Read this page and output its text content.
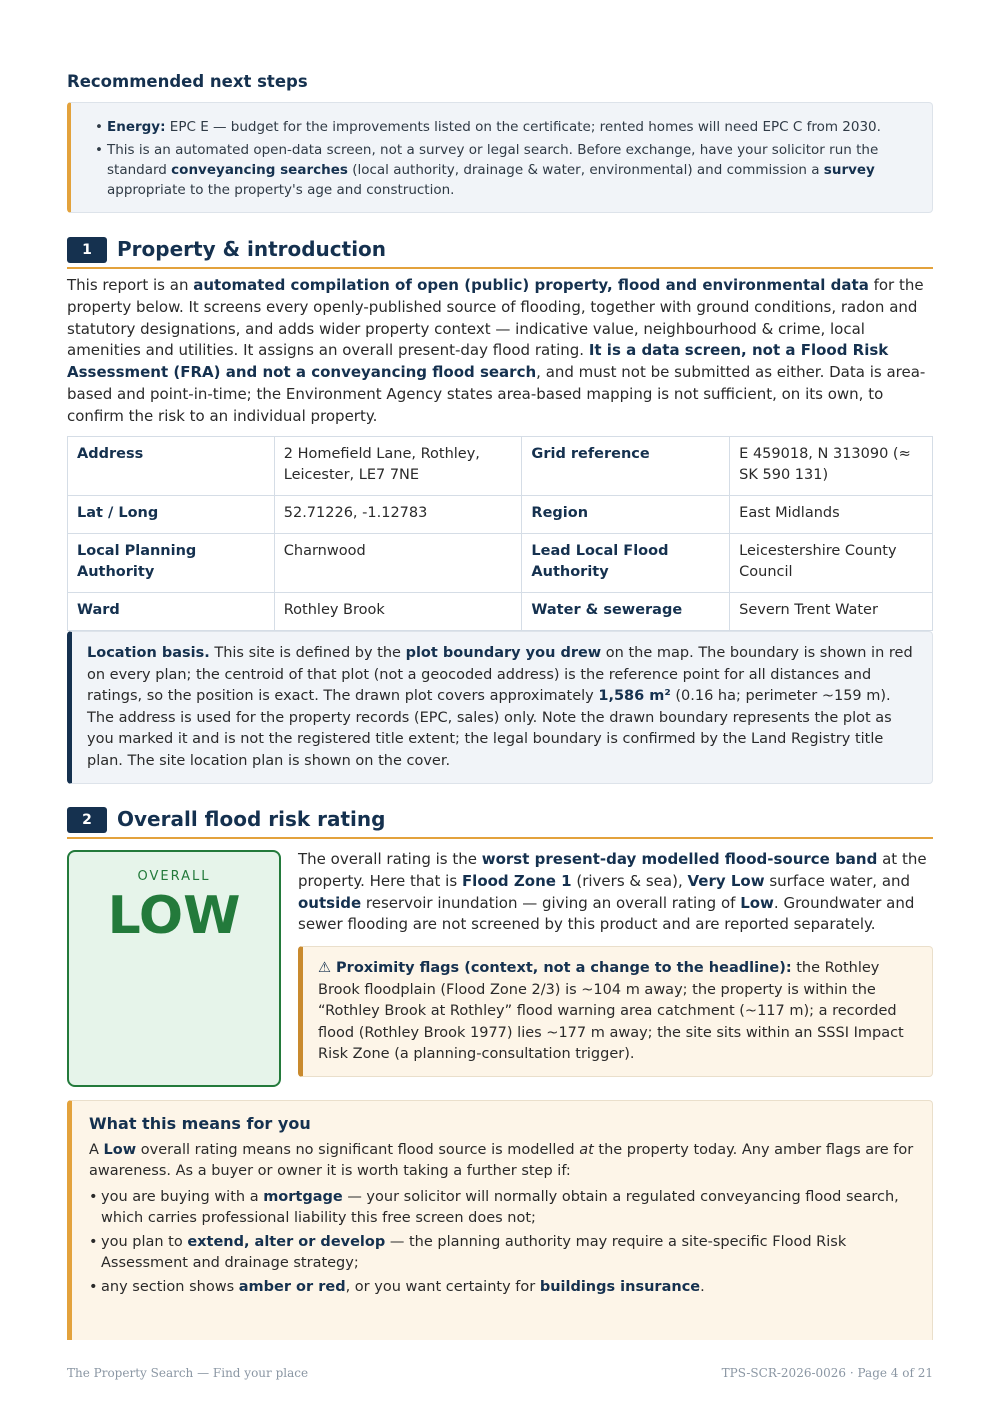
Recommended next steps
• Energy: EPC E — budget for the improvements listed on the certificate; rented homes will need EPC C from 2030.
• This is an automated open-data screen, not a survey or legal search. Before exchange, have your solicitor run the standard conveyancing searches (local authority, drainage & water, environmental) and commission a survey appropriate to the property's age and construction.
1	Property & introduction

This report is an automated compilation of open (public) property, flood and environmental data for the property below. It screens every openly-published source of flooding, together with ground conditions, radon and statutory designations, and adds wider property context — indicative value, neighbourhood & crime, local amenities and utilities. It assigns an overall present-day flood rating. It is a data screen, not a Flood Risk Assessment (FRA) and not a conveyancing flood search, and must not be submitted as either. Data is area-based and point-in-time; the Environment Agency states area-based mapping is not sufficient, on its own, to confirm the risk to an individual property.

Address	2 Homefield Lane, Rothley, Leicester, LE7 7NE	Grid reference	E 459018, N 313090 (≈ SK 590 131)
Lat / Long	52.71226, -1.12783	Region	East Midlands
Local Planning Authority	Charnwood	Lead Local Flood Authority	Leicestershire County Council
Ward	Rothley Brook	Water & sewerage	Severn Trent Water
Location basis. This site is defined by the plot boundary you drew on the map. The boundary is shown in red on every plan; the centroid of that plot (not a geocoded address) is the reference point for all distances and ratings, so the position is exact. The drawn plot covers approximately 1,586 m² (0.16 ha; perimeter ~159 m). The address is used for the property records (EPC, sales) only. Note the drawn boundary represents the plot as you marked it and is not the registered title extent; the legal boundary is confirmed by the Land Registry title plan. The site location plan is shown on the cover.
2	Overall flood risk rating
OVERALL
LOW

The overall rating is the worst present-day modelled flood-source band at the property. Here that is Flood Zone 1 (rivers & sea), Very Low surface water, and outside reservoir inundation — giving an overall rating of Low. Groundwater and sewer flooding are not screened by this product and are reported separately.

⚠ Proximity flags (context, not a change to the headline): the Rothley Brook floodplain (Flood Zone 2/3) is ~104 m away; the property is within the “Rothley Brook at Rothley” flood warning area catchment (~117 m); a recorded flood (Rothley Brook 1977) lies ~177 m away; the site sits within an SSSI Impact Risk Zone (a planning-consultation trigger).
What this means for you
A Low overall rating means no significant flood source is modelled at the property today. Any amber flags are for awareness. As a buyer or owner it is worth taking a further step if:
• you are buying with a mortgage — your solicitor will normally obtain a regulated conveyancing flood search, which carries professional liability this free screen does not;
• you plan to extend, alter or develop — the planning authority may require a site-specific Flood Risk Assessment and drainage strategy;
• any section shows amber or red, or you want certainty for buildings insurance.
The Property Search — Find your place	TPS-SCR-2026-0026 · Page 4 of 21
